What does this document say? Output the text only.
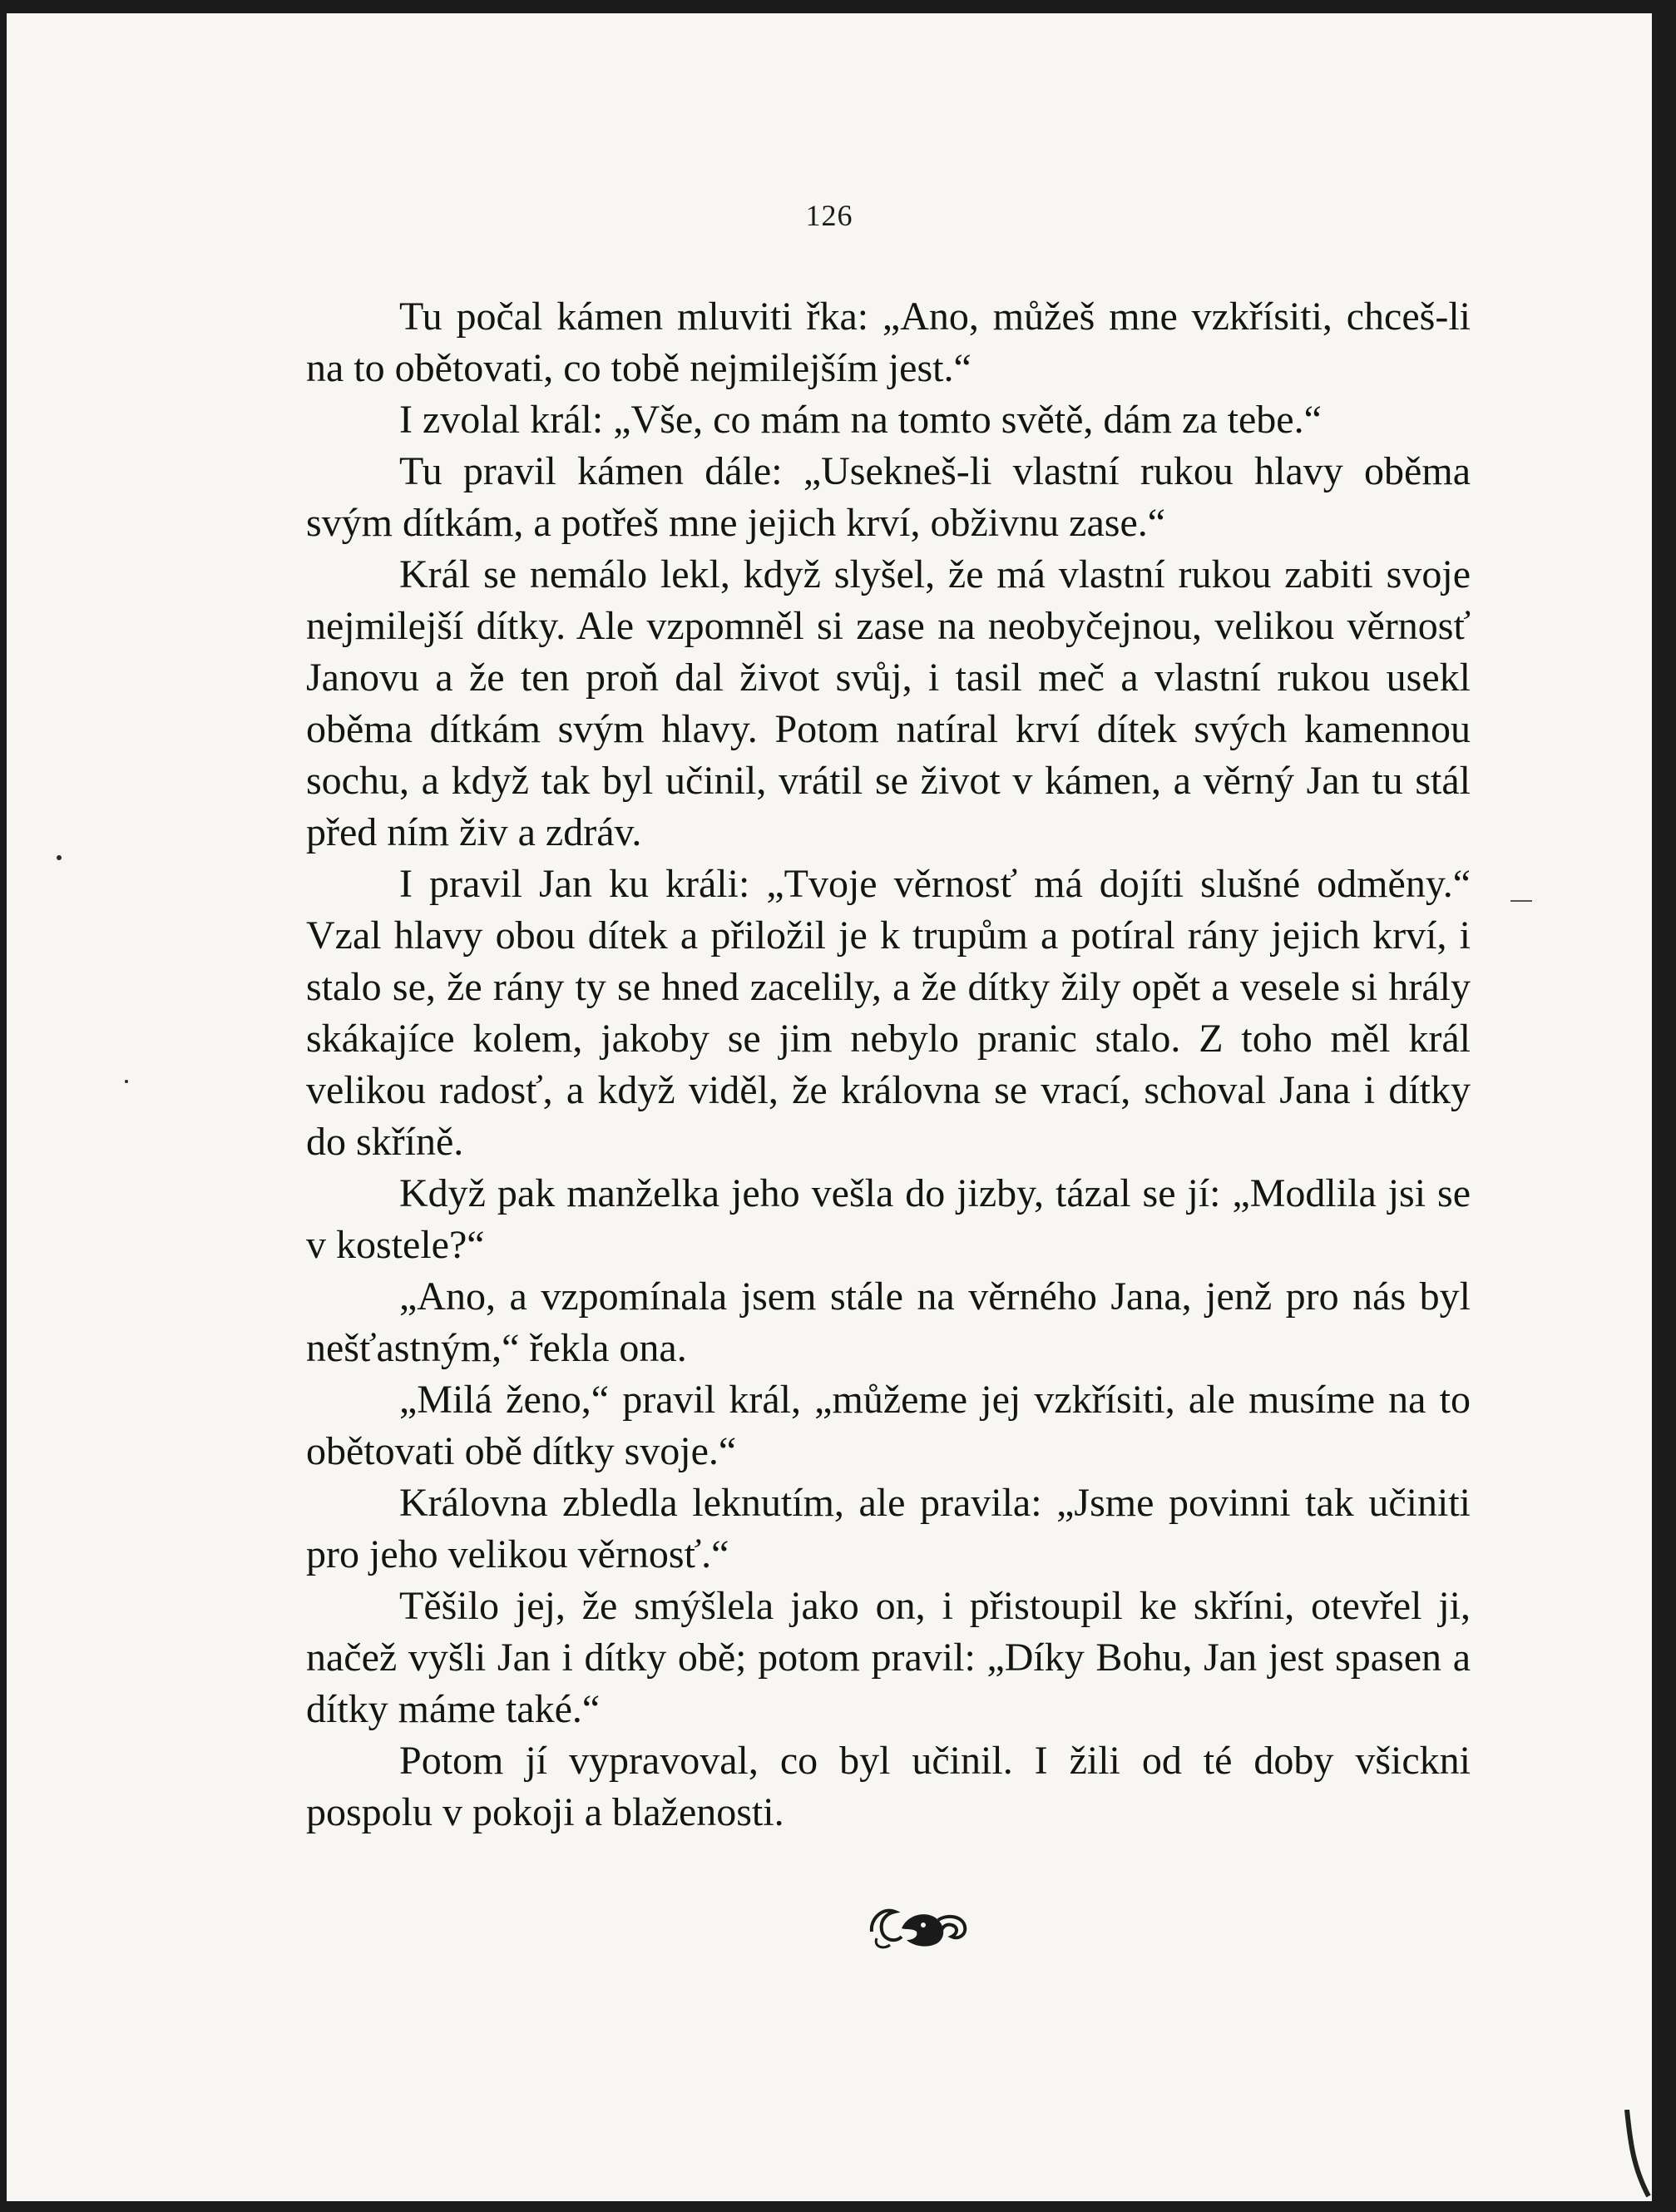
126

Tu počal kámen mluviti řka: „Ano, můžeš mne vzkřísiti, chceš-li na to obětovati, co tobě nejmilejším jest.“

I zvolal král: „Vše, co mám na tomto světě, dám za tebe.“

Tu pravil kámen dále: „Usekneš-li vlastní rukou hlavy oběma svým dítkám, a potřeš mne jejich krví, obživnu zase.“

Král se nemálo lekl, když slyšel, že má vlastní rukou zabiti svoje nejmilejší dítky. Ale vzpomněl si zase na neobyčejnou, velikou věrnosť Janovu a že ten proň dal život svůj, i tasil meč a vlastní rukou usekl oběma dítkám svým hlavy. Potom natíral krví dítek svých kamennou sochu, a když tak byl učinil, vrátil se život v kámen, a věrný Jan tu stál před ním živ a zdráv.

I pravil Jan ku králi: „Tvoje věrnosť má dojíti slušné odměny.“ Vzal hlavy obou dítek a přiložil je k trupům a potíral rány jejich krví, i stalo se, že rány ty se hned zacelily, a že dítky žily opět a vesele si hrály skákajíce kolem, jakoby se jim nebylo pranic stalo. Z toho měl král velikou radosť, a když viděl, že královna se vrací, schoval Jana i dítky do skříně.

Když pak manželka jeho vešla do jizby, tázal se jí: „Modlila jsi se v kostele?“

„Ano, a vzpomínala jsem stále na věrného Jana, jenž pro nás byl nešťastným,“ řekla ona.

„Milá ženo,“ pravil král, „můžeme jej vzkřísiti, ale musíme na to obětovati obě dítky svoje.“

Královna zbledla leknutím, ale pravila: „Jsme povinni tak učiniti pro jeho velikou věrnosť.“

Těšilo jej, že smýšlela jako on, i přistoupil ke skříni, otevřel ji, načež vyšli Jan i dítky obě; potom pravil: „Díky Bohu, Jan jest spasen a dítky máme také.“

Potom jí vypravoval, co byl učinil. I žili od té doby všickni pospolu v pokoji a blaženosti.
